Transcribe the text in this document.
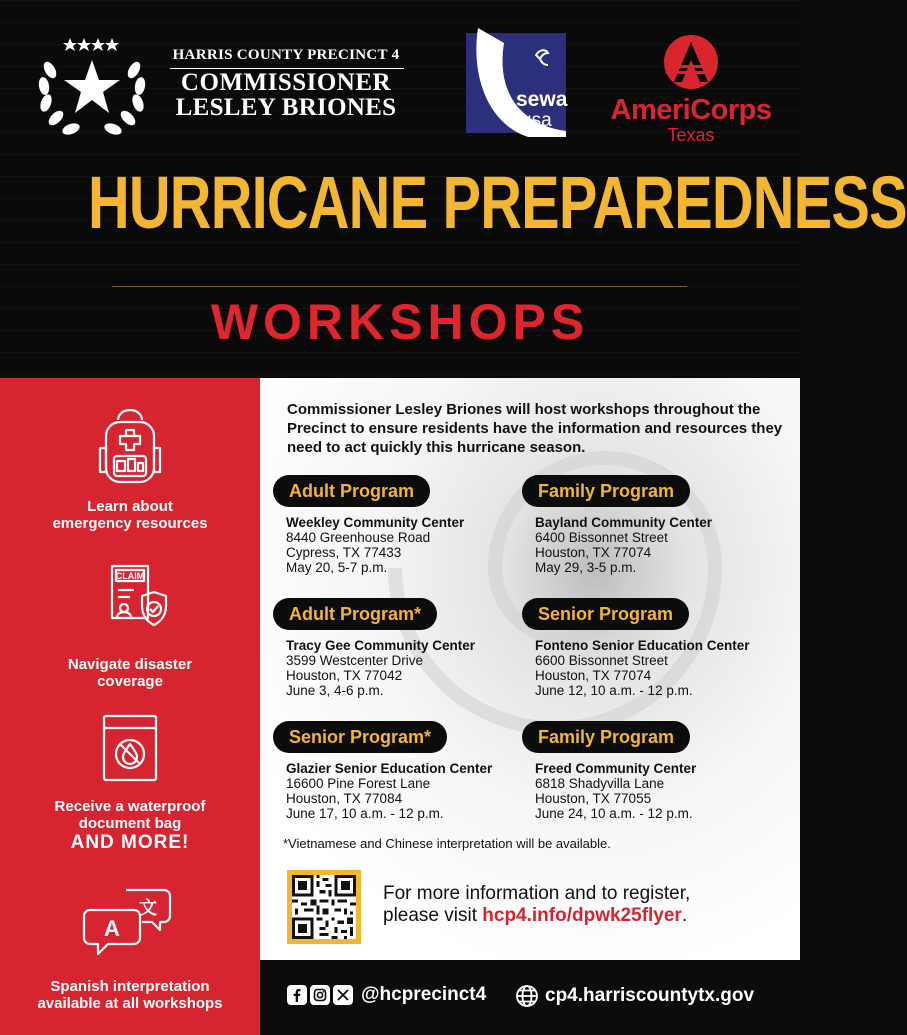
HARRIS COUNTY PRECINCT 4
COMMISSIONER
LESLEY BRIONES	sewa
usa AmeriCorps
Texas
HURRICANE PREPAREDNESS
WORKSHOPS
Learn about
emergency resources
CLAIM
Navigate disaster
coverage
Receive a waterproof
document bag
AND MORE!
A
文
Spanish interpretation
available at all workshops
Commissioner Lesley Briones will host workshops throughout the Precinct to ensure residents have the information and resources they need to act quickly this hurricane season.
Adult Program
Weekley Community Center
8440 Greenhouse Road
Cypress, TX 77433
May 20, 5-7 p.m.
Family Program
Bayland Community Center
6400 Bissonnet Street
Houston, TX 77074
May 29, 3-5 p.m.
Adult Program*
Tracy Gee Community Center
3599 Westcenter Drive
Houston, TX 77042
June 3, 4-6 p.m.
Senior Program
Fonteno Senior Education Center
6600 Bissonnet Street
Houston, TX 77074
June 12, 10 a.m. - 12 p.m.
Senior Program*
Glazier Senior Education Center
16600 Pine Forest Lane
Houston, TX 77084
June 17, 10 a.m. - 12 p.m.
Family Program
Freed Community Center
6818 Shadyvilla Lane
Houston, TX 77055
June 24, 10 a.m. - 12 p.m.
*Vietnamese and Chinese interpretation will be available.
For more information and to register,
please visit hcp4.info/dpwk25flyer.
@hcprecinct4	cp4.harriscountytx.gov
